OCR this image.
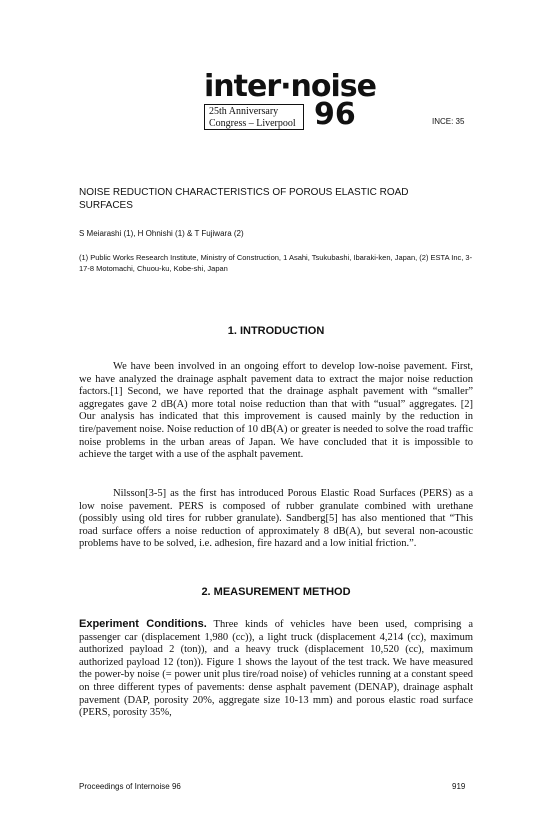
inter·noise
25th Anniversary
Congress – Liverpool 96	INCE: 35
NOISE REDUCTION CHARACTERISTICS OF POROUS ELASTIC ROAD SURFACES
S Meiarashi (1), H Ohnishi (1) & T Fujiwara (2)
(1) Public Works Research Institute, Ministry of Construction, 1 Asahi, Tsukubashi, Ibaraki-ken, Japan, (2) ESTA Inc, 3-17-8 Motomachi, Chuou-ku, Kobe-shi, Japan
1. INTRODUCTION

We have been involved in an ongoing effort to develop low-noise pavement. First, we have analyzed the drainage asphalt pavement data to extract the major noise reduction factors.[1] Second, we have reported that the drainage asphalt pavement with “smaller” aggregates gave 2 dB(A) more total noise reduction than that with “usual” aggregates. [2] Our analysis has indicated that this improvement is caused mainly by the reduction in tire/pavement noise. Noise reduction of 10 dB(A) or greater is needed to solve the road traffic noise problems in the urban areas of Japan. We have concluded that it is impossible to achieve the target with a use of the asphalt pavement.

Nilsson[3-5] as the first has introduced Porous Elastic Road Surfaces (PERS) as a low noise pavement. PERS is composed of rubber granulate combined with urethane (possibly using old tires for rubber granulate). Sandberg[5] has also mentioned that “This road surface offers a noise reduction of approximately 8 dB(A), but several non-acoustic problems have to be solved, i.e. adhesion, fire hazard and a low initial friction.”.

2. MEASUREMENT METHOD

Experiment Conditions. Three kinds of vehicles have been used, comprising a passenger car (displacement 1,980 (cc)), a light truck (displacement 4,214 (cc), maximum authorized payload 2 (ton)), and a heavy truck (displacement 10,520 (cc), maximum authorized payload 12 (ton)). Figure 1 shows the layout of the test track. We have measured the power-by noise (= power unit plus tire/road noise) of vehicles running at a constant speed on three different types of pavements: dense asphalt pavement (DENAP), drainage asphalt pavement (DAP, porosity 20%, aggregate size 10-13 mm) and porous elastic road surface (PERS, porosity 35%,

Proceedings of Internoise 96	919
